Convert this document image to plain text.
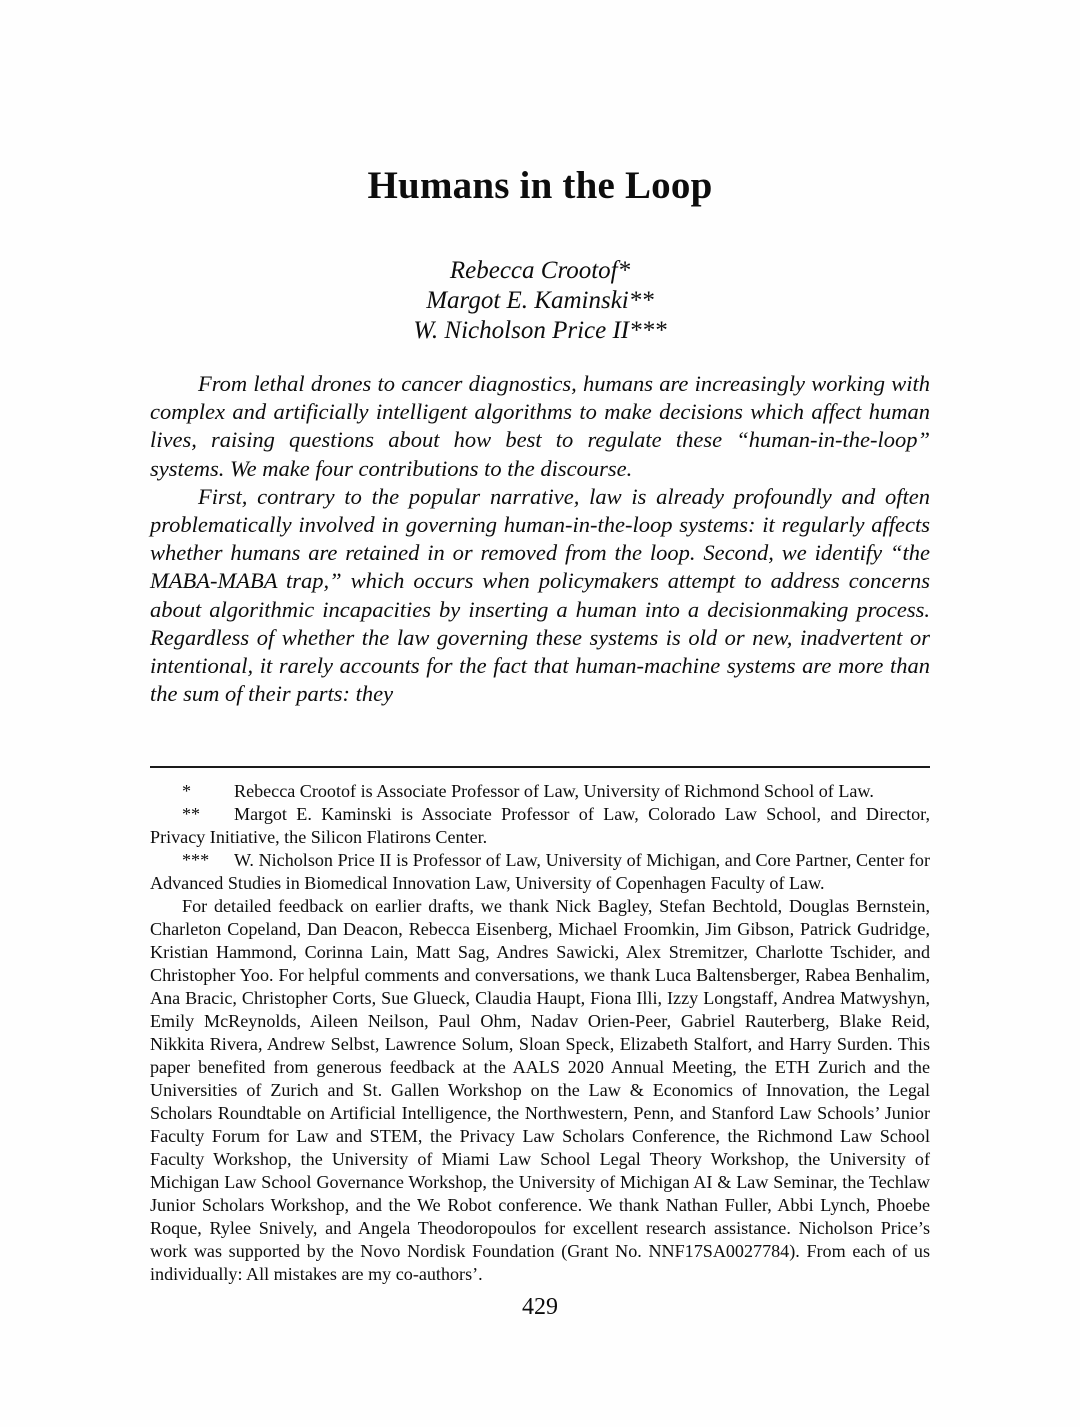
Humans in the Loop
Rebecca Crootof*
Margot E. Kaminski**
W. Nicholson Price II***

From lethal drones to cancer diagnostics, humans are increasingly working with complex and artificially intelligent algorithms to make decisions which affect human lives, raising questions about how best to regulate these “human-in-the-loop” systems. We make four contributions to the discourse.

First, contrary to the popular narrative, law is already profoundly and often problematically involved in governing human-in-the-loop systems: it regularly affects whether humans are retained in or removed from the loop. Second, we identify “the MABA-MABA trap,” which occurs when policymakers attempt to address concerns about algorithmic incapacities by inserting a human into a decisionmaking process. Regardless of whether the law governing these systems is old or new, inadvertent or intentional, it rarely accounts for the fact that human-machine systems are more than the sum of their parts: they

* Rebecca Crootof is Associate Professor of Law, University of Richmond School of Law.

** Margot E. Kaminski is Associate Professor of Law, Colorado Law School, and Director, Privacy Initiative, the Silicon Flatirons Center.

*** W. Nicholson Price II is Professor of Law, University of Michigan, and Core Partner, Center for Advanced Studies in Biomedical Innovation Law, University of Copenhagen Faculty of Law.

For detailed feedback on earlier drafts, we thank Nick Bagley, Stefan Bechtold, Douglas Bernstein, Charleton Copeland, Dan Deacon, Rebecca Eisenberg, Michael Froomkin, Jim Gibson, Patrick Gudridge, Kristian Hammond, Corinna Lain, Matt Sag, Andres Sawicki, Alex Stremitzer, Charlotte Tschider, and Christopher Yoo. For helpful comments and conversations, we thank Luca Baltensberger, Rabea Benhalim, Ana Bracic, Christopher Corts, Sue Glueck, Claudia Haupt, Fiona Illi, Izzy Longstaff, Andrea Matwyshyn, Emily McReynolds, Aileen Neilson, Paul Ohm, Nadav Orien-Peer, Gabriel Rauterberg, Blake Reid, Nikkita Rivera, Andrew Selbst, Lawrence Solum, Sloan Speck, Elizabeth Stalfort, and Harry Surden. This paper benefited from generous feedback at the AALS 2020 Annual Meeting, the ETH Zurich and the Universities of Zurich and St. Gallen Workshop on the Law & Economics of Innovation, the Legal Scholars Roundtable on Artificial Intelligence, the Northwestern, Penn, and Stanford Law Schools’ Junior Faculty Forum for Law and STEM, the Privacy Law Scholars Conference, the Richmond Law School Faculty Workshop, the University of Miami Law School Legal Theory Workshop, the University of Michigan Law School Governance Workshop, the University of Michigan AI & Law Seminar, the Techlaw Junior Scholars Workshop, and the We Robot conference. We thank Nathan Fuller, Abbi Lynch, Phoebe Roque, Rylee Snively, and Angela Theodoropoulos for excellent research assistance. Nicholson Price’s work was supported by the Novo Nordisk Foundation (Grant No. NNF17SA0027784). From each of us individually: All mistakes are my co-authors’.

429
